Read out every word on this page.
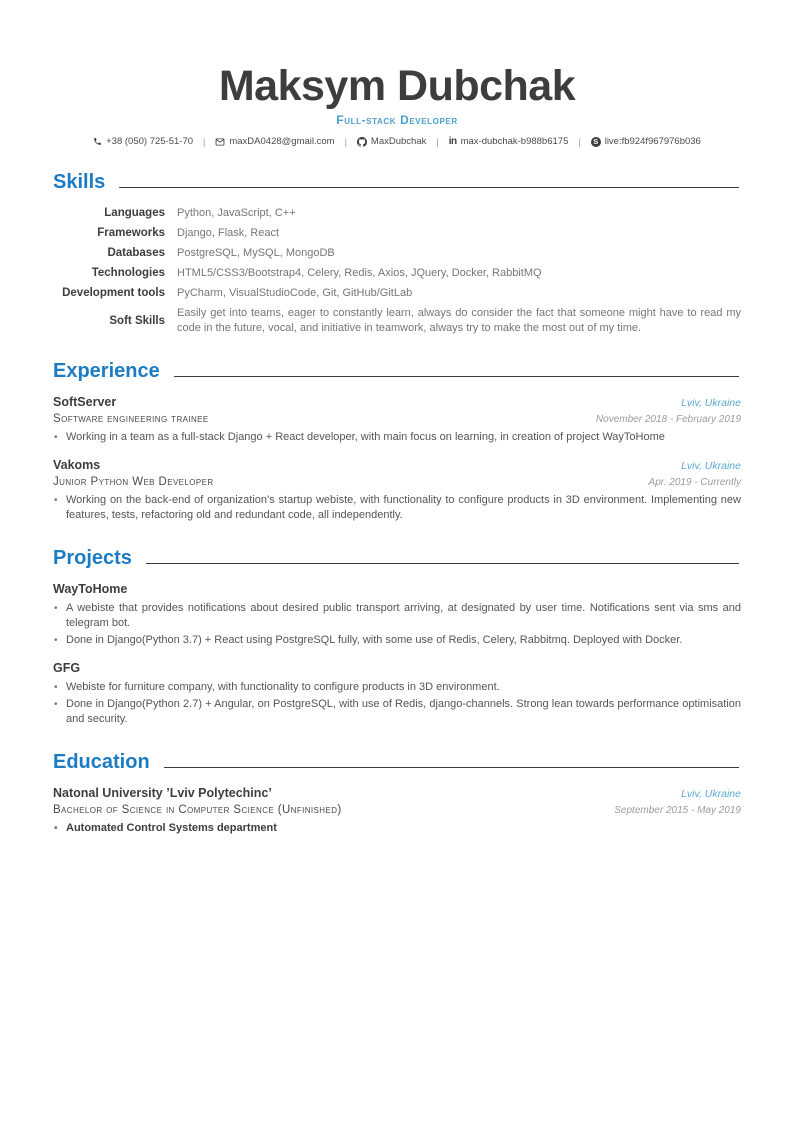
Maksym Dubchak
Full-stack Developer
+38 (050) 725-51-70 |	maxDA0428@gmail.com |	MaxDubchak | in max-dubchak-b988b6175 |	S live:fb924f967976b036
Skills
Languages Python, JavaScript, C++
Frameworks Django, Flask, React
Databases PostgreSQL, MySQL, MongoDB
Technologies HTML5/CSS3/Bootstrap4, Celery, Redis, Axios, JQuery, Docker, RabbitMQ
Development tools PyCharm, VisualStudioCode, Git, GitHub/GitLab
Soft Skills
Easily get into teams, eager to constantly learn, always do consider the fact that someone might have to read my code in the future, vocal, and initiative in teamwork, always try to make the most out of my time.
Experience
SoftServer	Lviv, Ukraine
Software engineering trainee	November 2018 - February 2019
• Working in a team as a full-stack Django + React developer, with main focus on learning, in creation of project WayToHome
Vakoms	Lviv, Ukraine
Junior Python Web Developer	Apr. 2019 - Currently
• Working on the back-end of organization’s startup webiste, with functionality to configure products in 3D environment. Implementing new features, tests, refactoring old and redundant code, all independently.
Projects
WayToHome
• A webiste that provides notifications about desired public transport arriving, at designated by user time. Notifications sent via sms and telegram bot.
• Done in Django(Python 3.7) + React using PostgreSQL fully, with some use of Redis, Celery, Rabbitmq. Deployed with Docker.
GFG
• Webiste for furniture company, with functionality to configure products in 3D environment.
• Done in Django(Python 2.7) + Angular, on PostgreSQL, with use of Redis, django-channels. Strong lean towards performance optimisation and security.
Education
Natonal University ’Lviv Polytechinc’	Lviv, Ukraine
Bachelor of Science in Computer Science (Unfinished)	September 2015 - May 2019
• Automated Control Systems department
